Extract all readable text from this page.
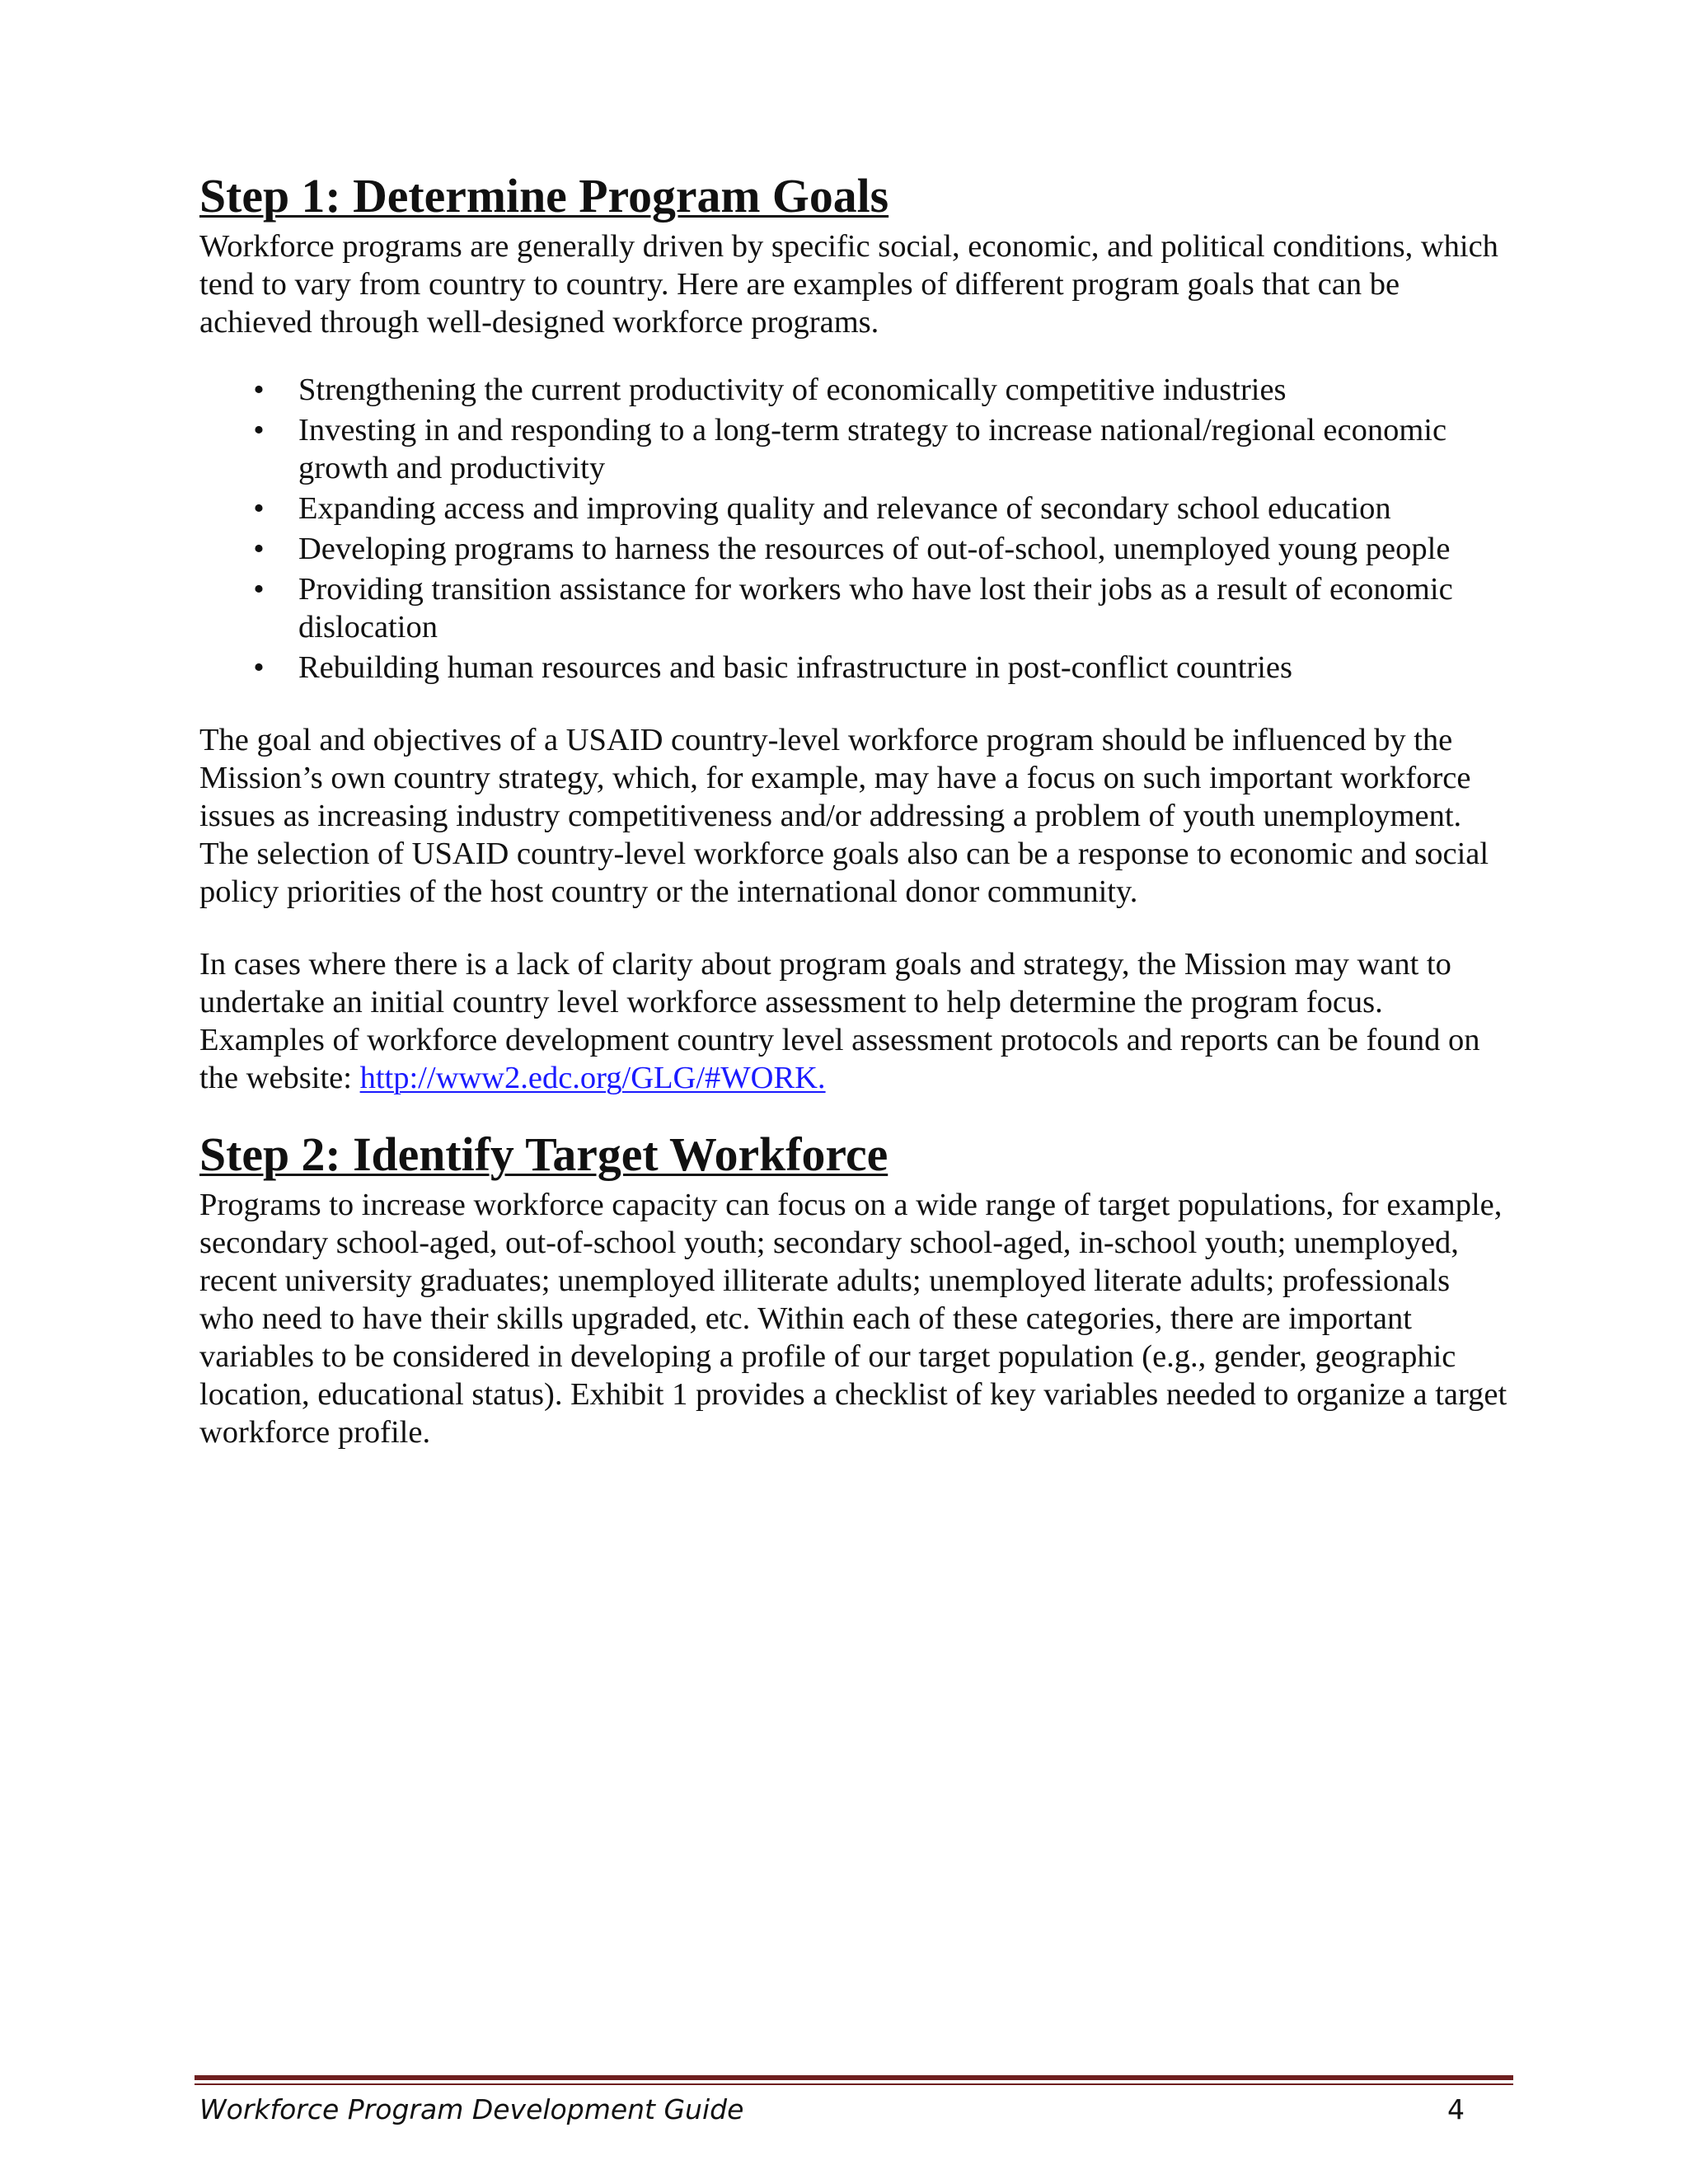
Step 1: Determine Program Goals

Workforce programs are generally driven by specific social, economic, and political conditions, which tend to vary from country to country. Here are examples of different program goals that can be achieved through well-designed workforce programs.

• Strengthening the current productivity of economically competitive industries
• Investing in and responding to a long-term strategy to increase national/regional economic growth and productivity
• Expanding access and improving quality and relevance of secondary school education
• Developing programs to harness the resources of out-of-school, unemployed young people
• Providing transition assistance for workers who have lost their jobs as a result of economic dislocation
• Rebuilding human resources and basic infrastructure in post-conflict countries

The goal and objectives of a USAID country-level workforce program should be influenced by the Mission’s own country strategy, which, for example, may have a focus on such important workforce issues as increasing industry competitiveness and/or addressing a problem of youth unemployment. The selection of USAID country-level workforce goals also can be a response to economic and social policy priorities of the host country or the international donor community.

In cases where there is a lack of clarity about program goals and strategy, the Mission may want to undertake an initial country level workforce assessment to help determine the program focus. Examples of workforce development country level assessment protocols and reports can be found on the website: http://www2.edc.org/GLG/#WORK.

Step 2: Identify Target Workforce

Programs to increase workforce capacity can focus on a wide range of target populations, for example, secondary school-aged, out-of-school youth; secondary school-aged, in-school youth; unemployed, recent university graduates; unemployed illiterate adults; unemployed literate adults; professionals who need to have their skills upgraded, etc. Within each of these categories, there are important variables to be considered in developing a profile of our target population (e.g., gender, geographic location, educational status). Exhibit 1 provides a checklist of key variables needed to organize a target workforce profile.

Workforce Program Development Guide	4
